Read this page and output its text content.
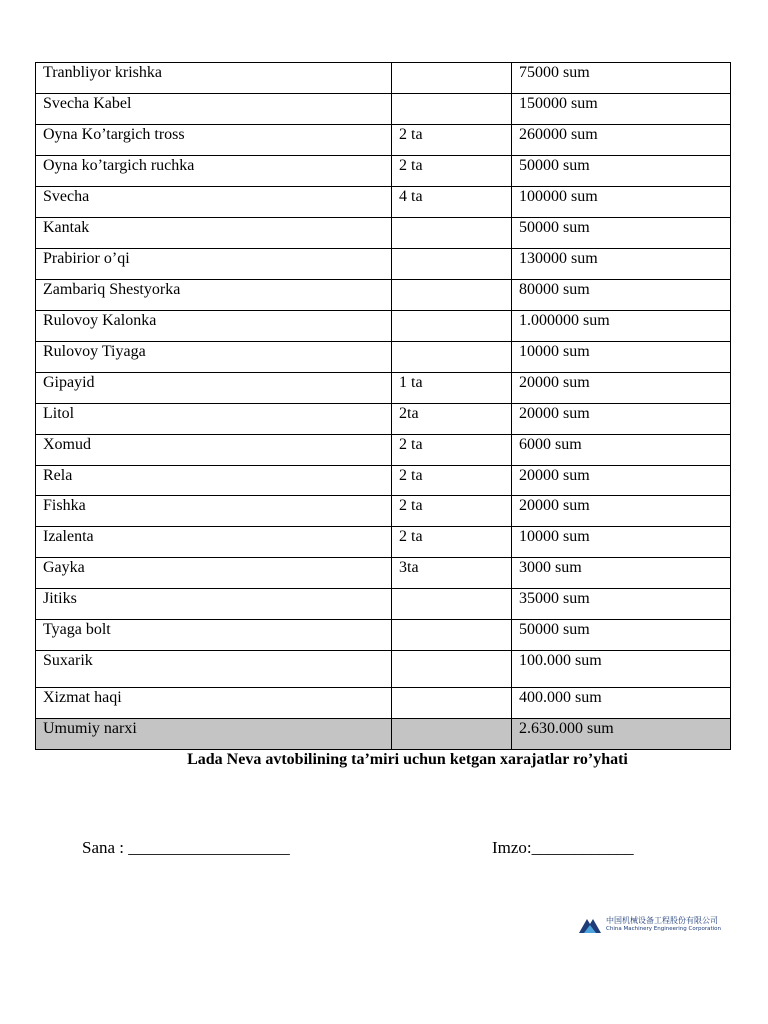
Tranbliyor krishka		75000 sum
Svecha Kabel		150000 sum
Oyna Ko’targich tross	2 ta	260000 sum
Oyna ko’targich ruchka	2 ta	50000 sum
Svecha	4 ta	100000 sum
Kantak		50000 sum
Prabirior o’qi		130000 sum
Zambariq Shestyorka		80000 sum
Rulovoy Kalonka		1.000000 sum
Rulovoy Tiyaga		10000 sum
Gipayid	1 ta	20000 sum
Litol	2ta	20000 sum
Xomud	2 ta	6000 sum
Rela	2 ta	20000 sum
Fishka	2 ta	20000 sum
Izalenta	2 ta	10000 sum
Gayka	3ta	3000 sum
Jitiks		35000 sum
Tyaga bolt		50000 sum
Suxarik		100.000 sum
Xizmat haqi		400.000 sum
Umumiy narxi		2.630.000 sum
Lada Neva avtobilining ta’miri uchun ketgan xarajatlar ro’yhati
Sana : ___________________	Imzo:____________
中国机械设备工程股份有限公司
China Machinery Engineering Corporation
